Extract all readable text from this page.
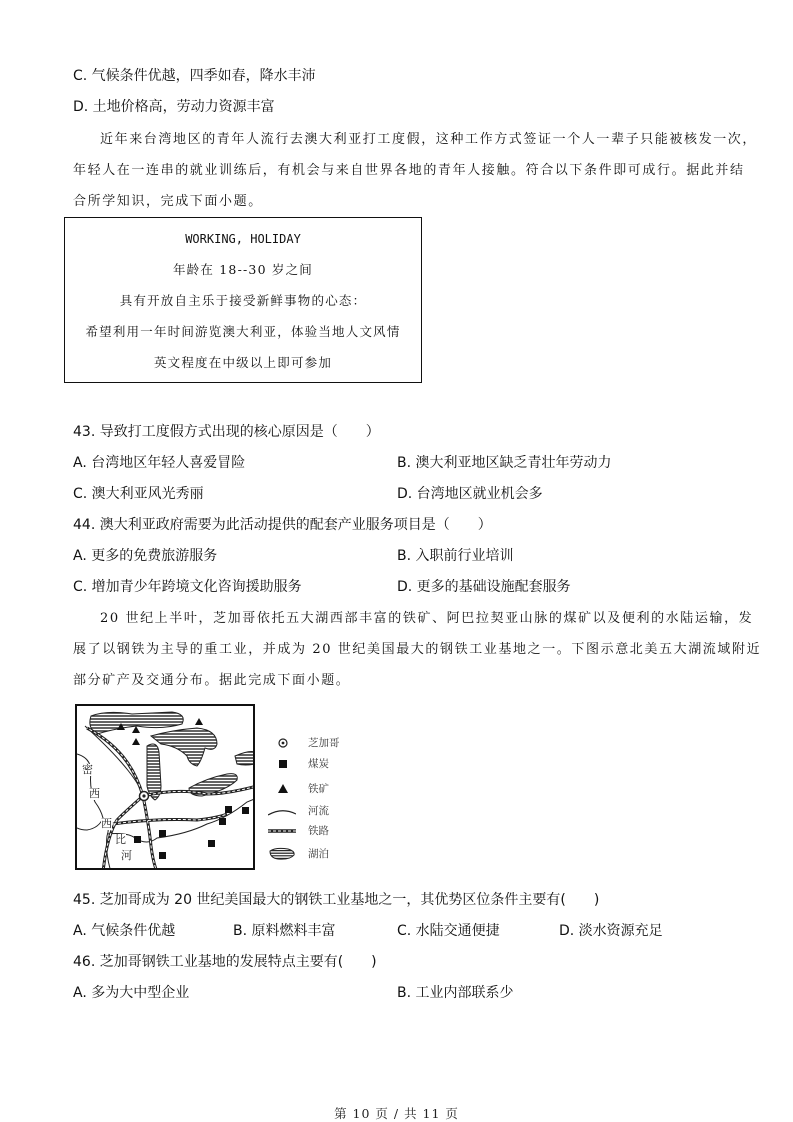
C. 气候条件优越，四季如春，降水丰沛
D. 土地价格高，劳动力资源丰富
近年来台湾地区的青年人流行去澳大利亚打工度假，这种工作方式签证一个人一辈子只能被核发一次，
年轻人在一连串的就业训练后，有机会与来自世界各地的青年人接触。符合以下条件即可成行。据此并结
合所学知识，完成下面小题。
WORKING, HOLIDAY
年龄在 18--30 岁之间
具有开放自主乐于接受新鲜事物的心态：
希望利用一年时间游览澳大利亚，体验当地人文风情
英文程度在中级以上即可参加
43. 导致打工度假方式出现的核心原因是（　　）
A. 台湾地区年轻人喜爱冒险	B. 澳大利亚地区缺乏青壮年劳动力
C. 澳大利亚风光秀丽	D. 台湾地区就业机会多
44. 澳大利亚政府需要为此活动提供的配套产业服务项目是（　　）
A. 更多的免费旅游服务	B. 入职前行业培训
C. 增加青少年跨境文化咨询援助服务	D. 更多的基础设施配套服务
20 世纪上半叶，芝加哥依托五大湖西部丰富的铁矿、阿巴拉契亚山脉的煤矿以及便利的水陆运输，发
展了以钢铁为主导的重工业，并成为 20 世纪美国最大的钢铁工业基地之一。下图示意北美五大湖流域附近
部分矿产及交通分布。据此完成下面小题。
密
西
西
比
河
芝加哥
煤炭
铁矿
河流
铁路
湖泊
45. 芝加哥成为 20 世纪美国最大的钢铁工业基地之一，其优势区位条件主要有(　　)
A. 气候条件优越	B. 原料燃料丰富	C. 水陆交通便捷	D. 淡水资源充足
46. 芝加哥钢铁工业基地的发展特点主要有(　　)
A. 多为大中型企业	B. 工业内部联系少
第 10 页 / 共 11 页
